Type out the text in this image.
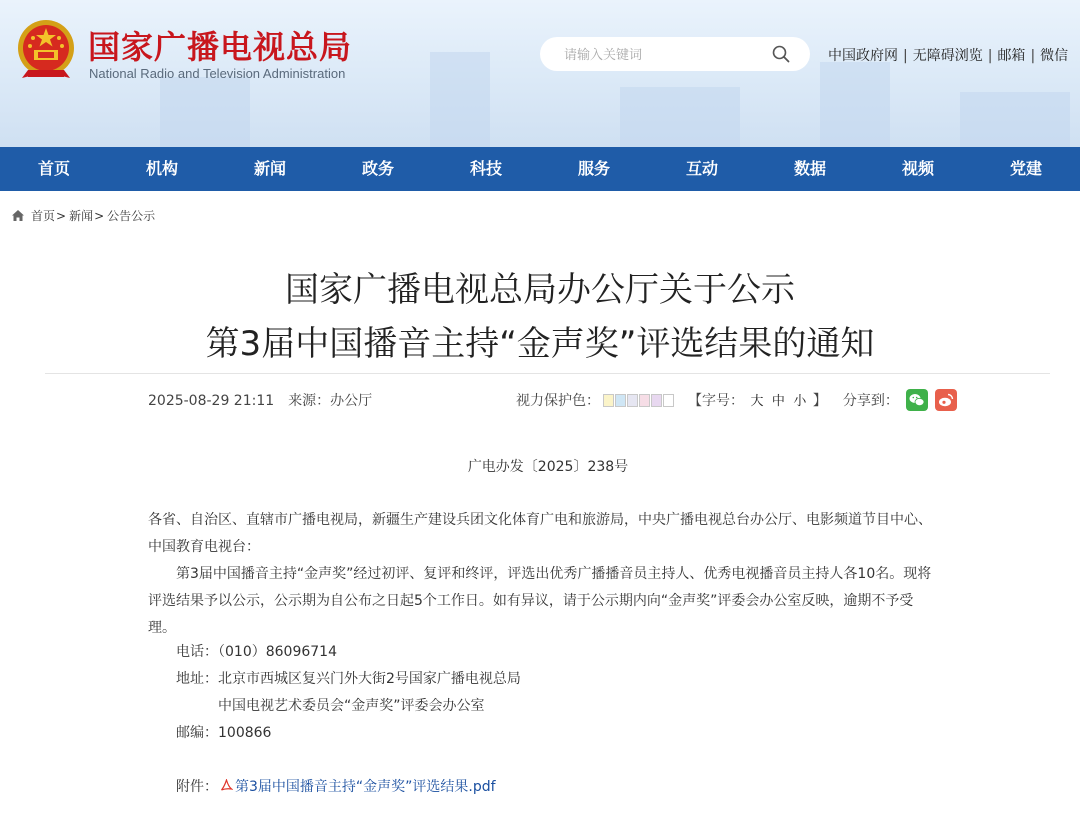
国家广播电视总局
National Radio and Television Administration
请输入关键词
中国政府网 | 无障碍浏览 | 邮箱 | 微信
首页	机构	新闻	政务	科技	服务	互动	数据	视频	党建
首页 > 新闻 > 公告公示
国家广播电视总局办公厅关于公示
第3届中国播音主持“金声奖”评选结果的通知
2025-08-29 21:11 来源：办公厅	视力保护色：	【字号： 大 中 小 】 分享到：
广电办发〔2025〕238号
各省、自治区、直辖市广播电视局，新疆生产建设兵团文化体育广电和旅游局，中央广播电视总台办公厅、电影频道节目中心、中国教育电视台：
第3届中国播音主持“金声奖”经过初评、复评和终评，评选出优秀广播播音员主持人、优秀电视播音员主持人各10名。现将评选结果予以公示，公示期为自公布之日起5个工作日。如有异议，请于公示期内向“金声奖”评委会办公室反映，逾期不予受理。
电话：（010）86096714
地址：北京市西城区复兴门外大街2号国家广播电视总局
中国电视艺术委员会“金声奖”评委会办公室
邮编：100866
附件： 第3届中国播音主持“金声奖”评选结果.pdf
